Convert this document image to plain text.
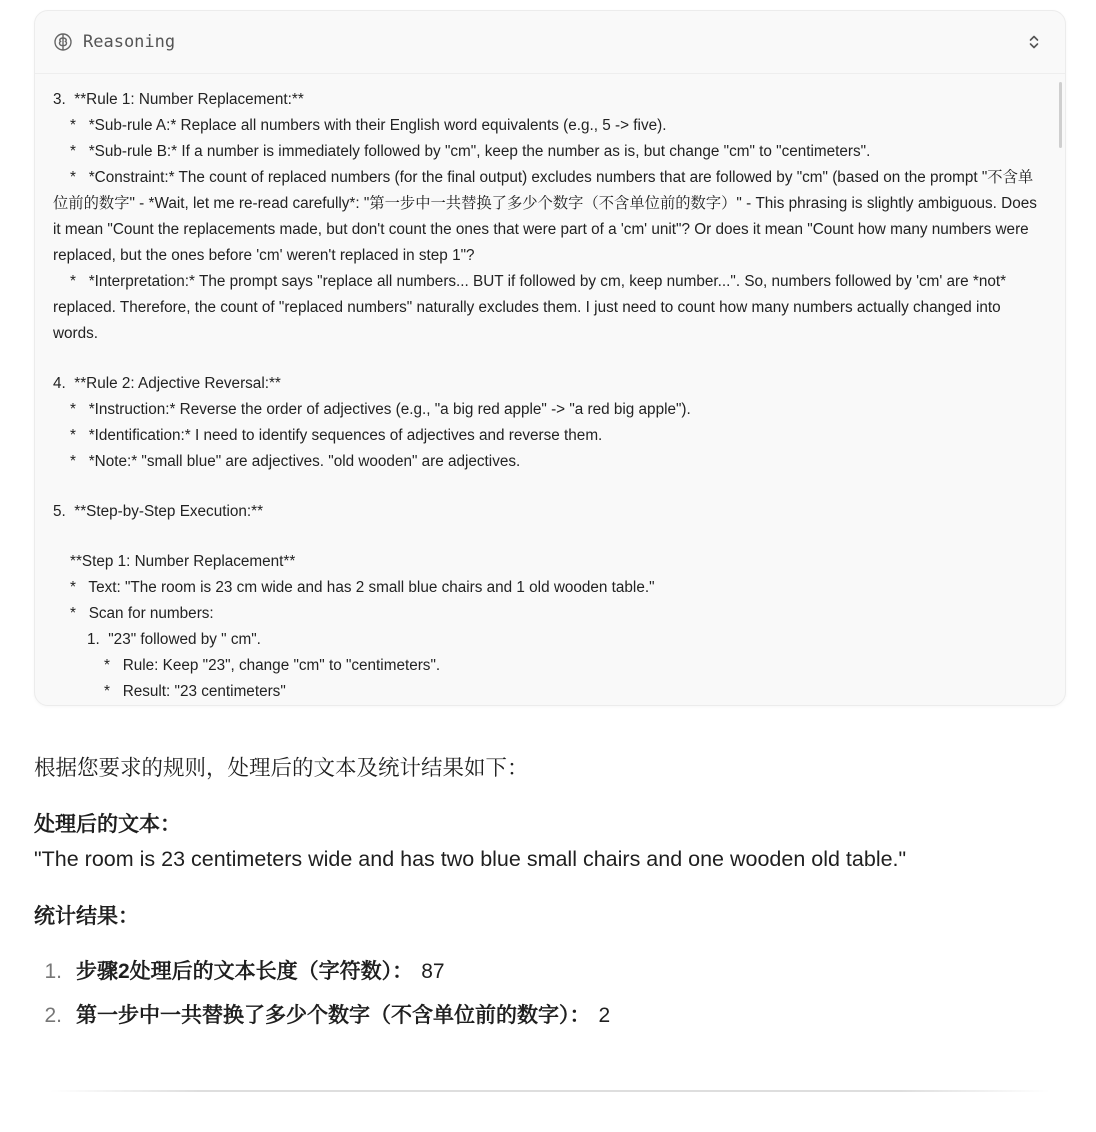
Reasoning

3.  **Rule 1: Number Replacement:**

*   *Sub-rule A:* Replace all numbers with their English word equivalents (e.g., 5 -> five).

*   *Sub-rule B:* If a number is immediately followed by "cm", keep the number as is, but change "cm" to "centimeters".

*   *Constraint:* The count of replaced numbers (for the final output) excludes numbers that are followed by "cm" (based on the prompt "不含单位前的数字" - *Wait, let me re-read carefully*: "第一步中一共替换了多少个数字（不含单位前的数字）" - This phrasing is slightly ambiguous. Does it mean "Count the replacements made, but don't count the ones that were part of a 'cm' unit"? Or does it mean "Count how many numbers were replaced, but the ones before 'cm' weren't replaced in step 1"?

*   *Interpretation:* The prompt says "replace all numbers... BUT if followed by cm, keep number...". So, numbers followed by 'cm' are *not* replaced. Therefore, the count of "replaced numbers" naturally excludes them. I just need to count how many numbers actually changed into words.

4.  **Rule 2: Adjective Reversal:**

*   *Instruction:* Reverse the order of adjectives (e.g., "a big red apple" -> "a red big apple").

*   *Identification:* I need to identify sequences of adjectives and reverse them.

*   *Note:* "small blue" are adjectives. "old wooden" are adjectives.

5.  **Step-by-Step Execution:**

**Step 1: Number Replacement**

*   Text: "The room is 23 cm wide and has 2 small blue chairs and 1 old wooden table."

*   Scan for numbers:

1.  "23" followed by " cm".

*   Rule: Keep "23", change "cm" to "centimeters".

*   Result: "23 centimeters"

根据您要求的规则，处理后的文本及统计结果如下：

处理后的文本：

"The room is 23 centimeters wide and has two blue small chairs and one wooden old table."

统计结果：

1. 步骤2处理后的文本长度（字符数）： 87
2. 第一步中一共替换了多少个数字（不含单位前的数字）： 2
